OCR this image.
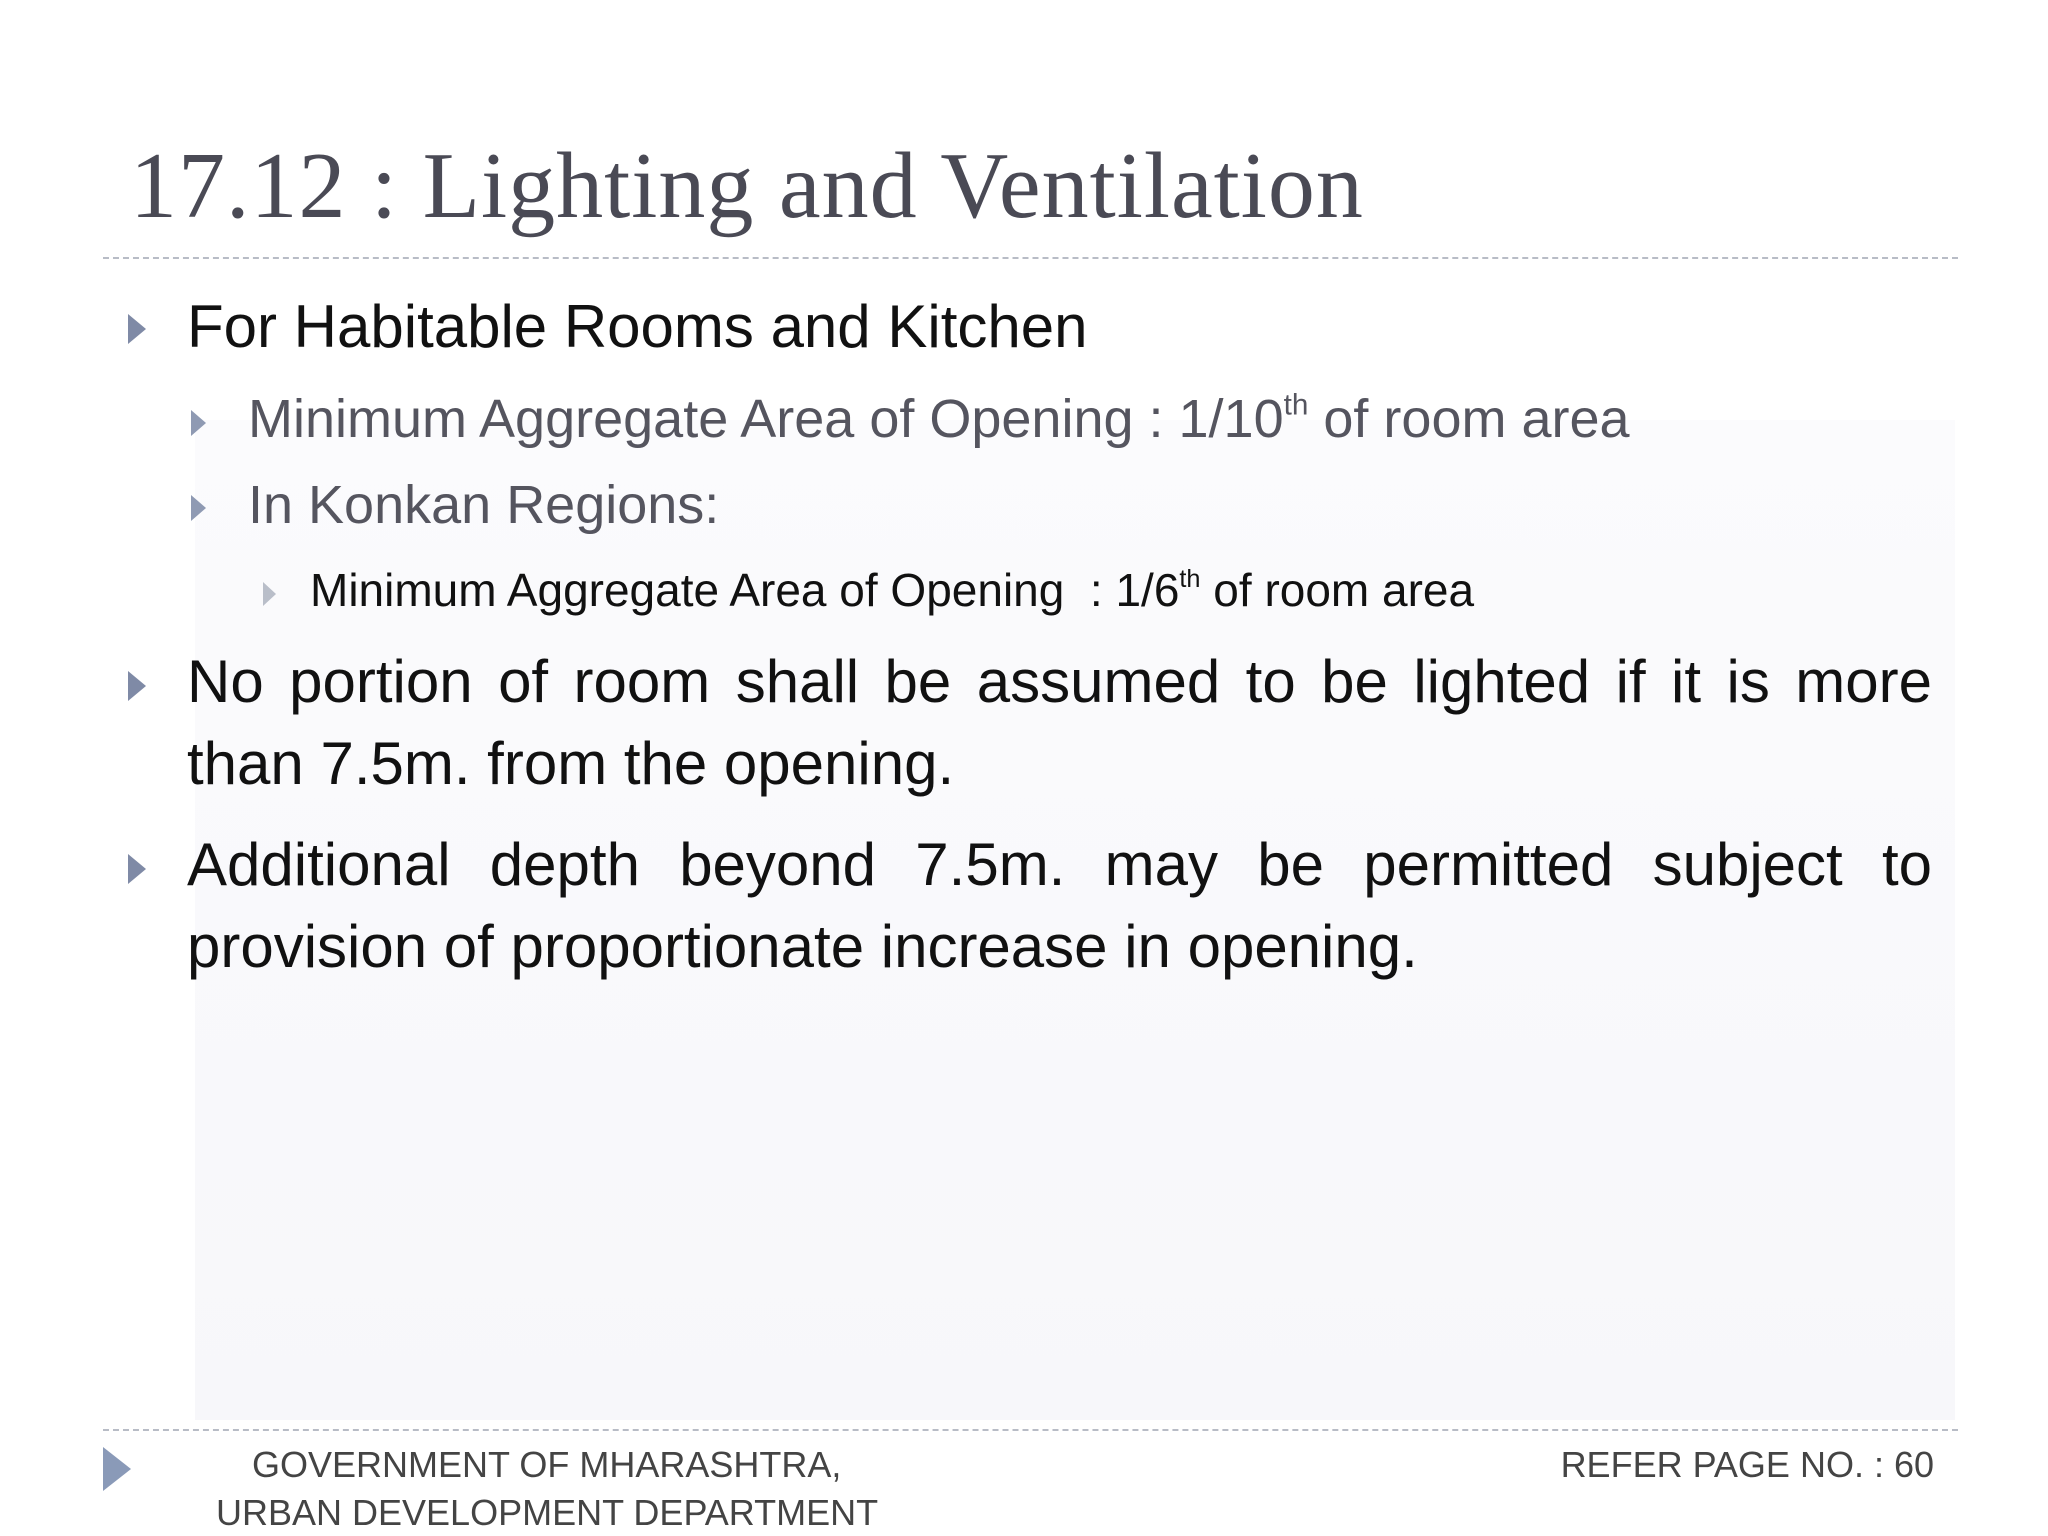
17.12 : Lighting and Ventilation
For Habitable Rooms and Kitchen
Minimum Aggregate Area of Opening : 1/10th of room area
In Konkan Regions:
Minimum Aggregate Area of Opening  : 1/6th of room area
No portion of room shall be assumed to be lighted if it is more than 7.5m. from the opening.
Additional depth beyond 7.5m. may be permitted subject to provision of proportionate increase in opening.
GOVERNMENT OF MHARASHTRA,
URBAN DEVELOPMENT DEPARTMENT
REFER PAGE NO. : 60
